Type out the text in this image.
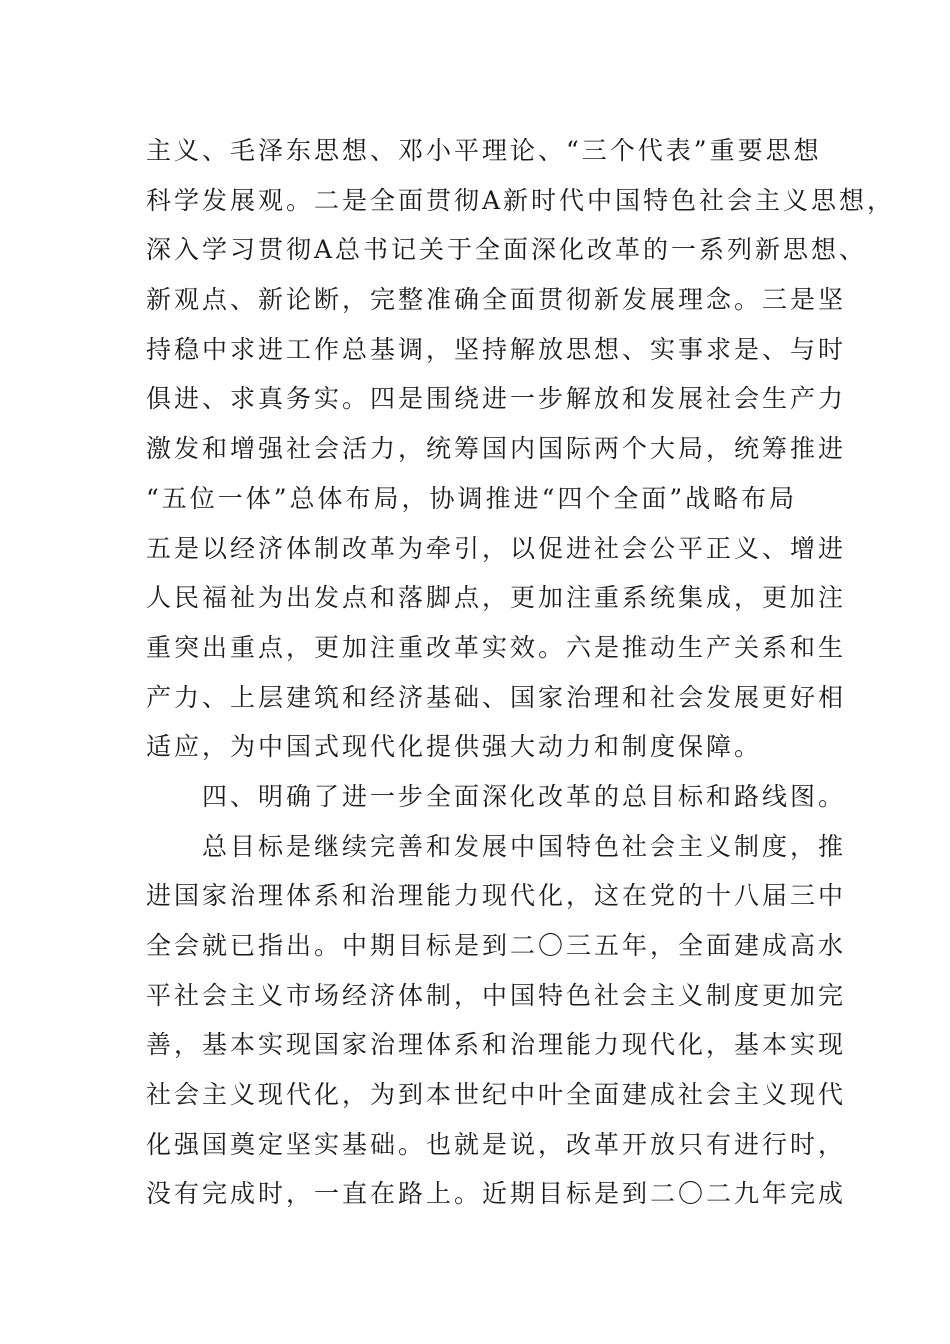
主义、毛泽东思想、邓小平理论、“三个代表”重要思想
科学发展观。二是全面贯彻A新时代中国特色社会主义思想，
深入学习贯彻A总书记关于全面深化改革的一系列新思想、
新观点、新论断，完整准确全面贯彻新发展理念。三是坚
持稳中求进工作总基调，坚持解放思想、实事求是、与时
俱进、求真务实。四是围绕进一步解放和发展社会生产力
激发和增强社会活力，统筹国内国际两个大局，统筹推进
“五位一体”总体布局，协调推进“四个全面”战略布局
五是以经济体制改革为牵引，以促进社会公平正义、增进
人民福祉为出发点和落脚点，更加注重系统集成，更加注
重突出重点，更加注重改革实效。六是推动生产关系和生
产力、上层建筑和经济基础、国家治理和社会发展更好相
适应，为中国式现代化提供强大动力和制度保障。
　　四、明确了进一步全面深化改革的总目标和路线图。
　　总目标是继续完善和发展中国特色社会主义制度，推
进国家治理体系和治理能力现代化，这在党的十八届三中
全会就已指出。中期目标是到二〇三五年，全面建成高水
平社会主义市场经济体制，中国特色社会主义制度更加完
善，基本实现国家治理体系和治理能力现代化，基本实现
社会主义现代化，为到本世纪中叶全面建成社会主义现代
化强国奠定坚实基础。也就是说，改革开放只有进行时，
没有完成时，一直在路上。近期目标是到二〇二九年完成
